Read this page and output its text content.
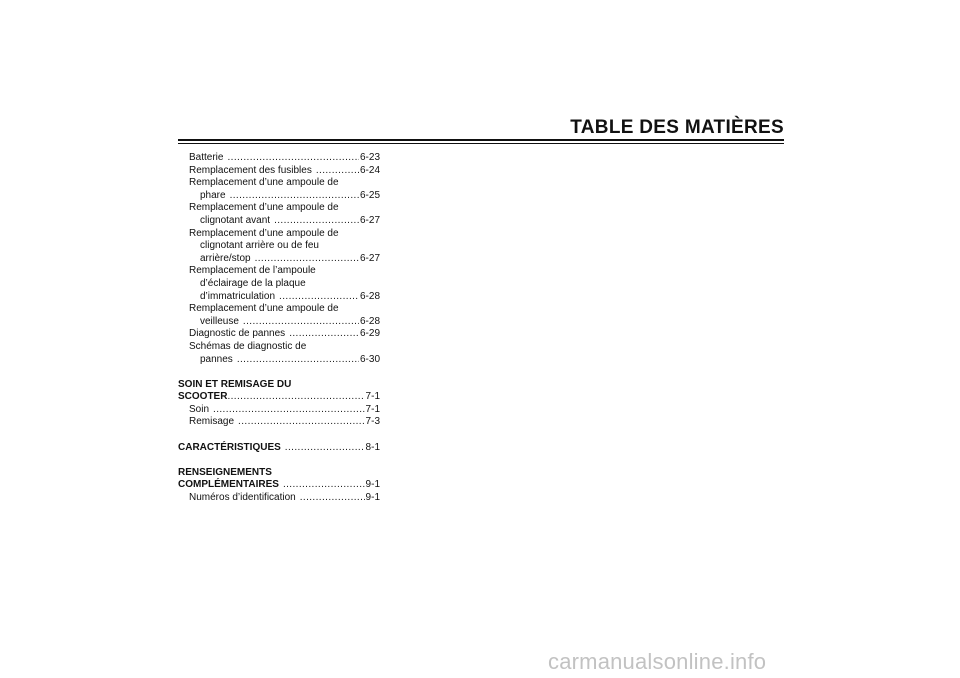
TABLE DES MATIÈRES
Batterie .....	6-23
Remplacement des fusibles .....	6-24
Remplacement d’une ampoule de
phare .....	6-25
Remplacement d’une ampoule de
clignotant avant .....	6-27
Remplacement d’une ampoule de
clignotant arrière ou de feu
arrière/stop .....	6-27
Remplacement de l’ampoule
d’éclairage de la plaque
d’immatriculation .....	6-28
Remplacement d’une ampoule de
veilleuse .....	6-28
Diagnostic de pannes .....	6-29
Schémas de diagnostic de
pannes .....	6-30
SOIN ET REMISAGE DU
SCOOTER .....	7-1
Soin .....	7-1
Remisage .....	7-3
CARACTÉRISTIQUES .....	8-1
RENSEIGNEMENTS
COMPLÉMENTAIRES .....	9-1
Numéros d’identification .....	9-1
carmanualsonline.info
